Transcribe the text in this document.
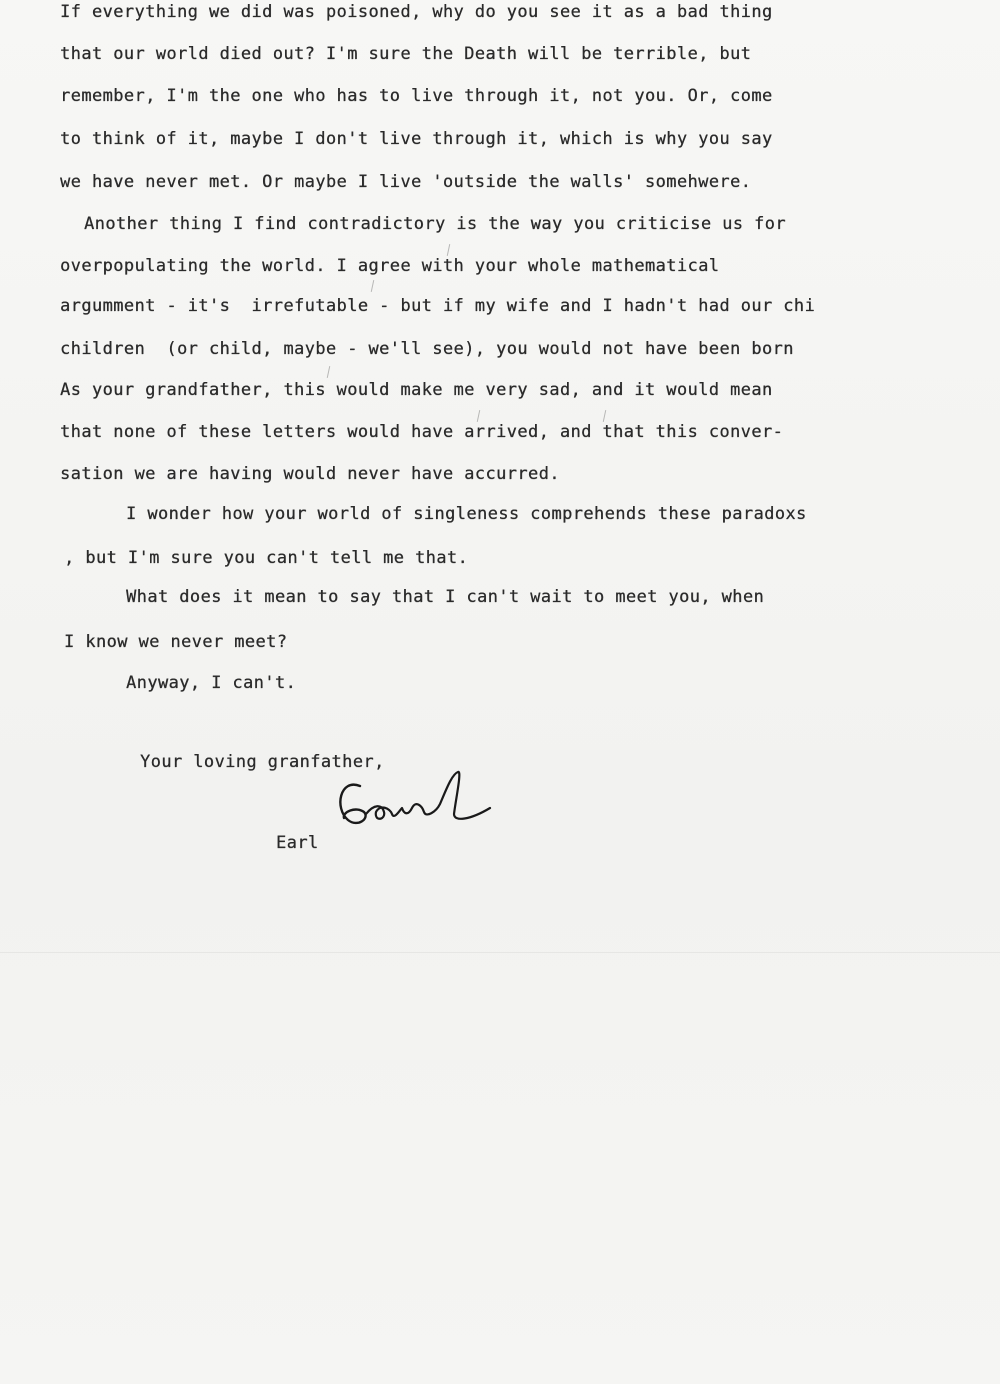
If everything we did was poisoned, why do you see it as a bad thing
that our world died out? I'm sure the Death will be terrible, but
remember, I'm the one who has to live through it, not you. Or, come
to think of it, maybe I don't live through it, which is why you say
we have never met. Or maybe I live 'outside the walls' somehwere.
Another thing I find contradictory is the way you criticise us for
overpopulating the world. I agree with your whole mathematical
argumment - it's  irrefutable - but if my wife and I hadn't had our chi
children  (or child, maybe - we'll see), you would not have been born
As your grandfather, this would make me very sad, and it would mean
that none of these letters would have arrived, and that this conver-
sation we are having would never have accurred.
I wonder how your world of singleness comprehends these paradoxs
, but I'm sure you can't tell me that.
What does it mean to say that I can't wait to meet you, when
I know we never meet?
Anyway, I can't.
Your loving granfather,
Earl
